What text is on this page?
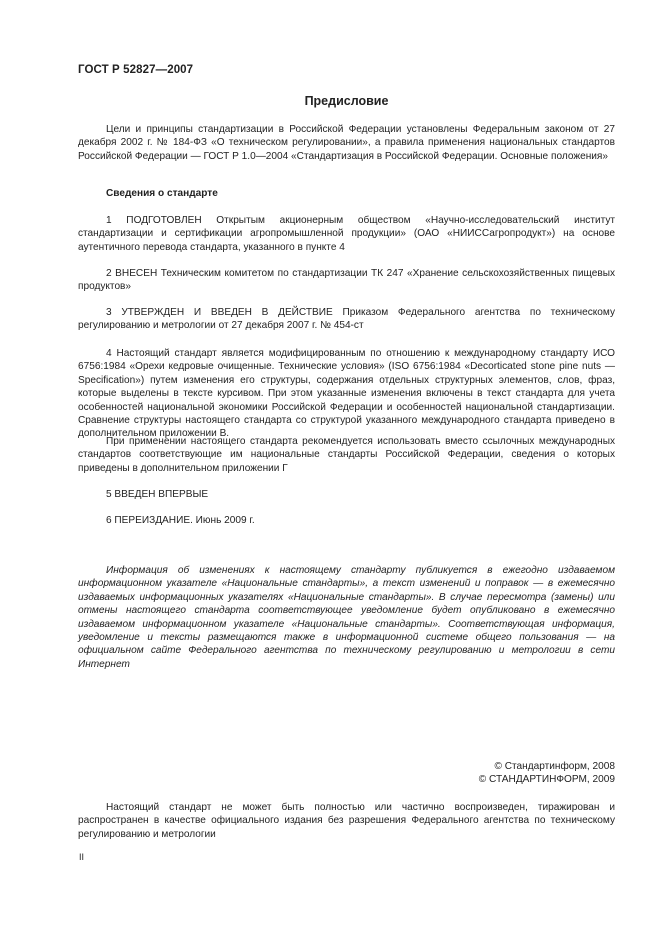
ГОСТ Р 52827—2007
Предисловие

Цели и принципы стандартизации в Российской Федерации установлены Федеральным законом от 27 декабря 2002 г. № 184-ФЗ «О техническом регулировании», а правила применения национальных стандартов Российской Федерации — ГОСТ Р 1.0—2004 «Стандартизация в Российской Федерации. Основные положения»

Сведения о стандарте

1 ПОДГОТОВЛЕН Открытым акционерным обществом «Научно-исследовательский институт стандартизации и сертификации агропромышленной продукции» (ОАО «НИИССагропродукт») на основе аутентичного перевода стандарта, указанного в пункте 4

2 ВНЕСЕН Техническим комитетом по стандартизации ТК 247 «Хранение сельскохозяйственных пищевых продуктов»

3 УТВЕРЖДЕН И ВВЕДЕН В ДЕЙСТВИЕ Приказом Федерального агентства по техническому регулированию и метрологии от 27 декабря 2007 г. № 454-ст

4 Настоящий стандарт является модифицированным по отношению к международному стандарту ИСО 6756:1984 «Орехи кедровые очищенные. Технические условия» (ISO 6756:1984 «Decorticated stone pine nuts — Specification») путем изменения его структуры, содержания отдельных структурных элементов, слов, фраз, которые выделены в тексте курсивом. При этом указанные изменения включены в текст стандарта для учета особенностей национальной экономики Российской Федерации и особенностей национальной стандартизации. Сравнение структуры настоящего стандарта со структурой указанного международного стандарта приведено в дополнительном приложении В.

При применении настоящего стандарта рекомендуется использовать вместо ссылочных международных стандартов соответствующие им национальные стандарты Российской Федерации, сведения о которых приведены в дополнительном приложении Г

5 ВВЕДЕН ВПЕРВЫЕ

6 ПЕРЕИЗДАНИЕ. Июнь 2009 г.

Информация об изменениях к настоящему стандарту публикуется в ежегодно издаваемом информационном указателе «Национальные стандарты», а текст изменений и поправок — в ежемесячно издаваемых информационных указателях «Национальные стандарты». В случае пересмотра (замены) или отмены настоящего стандарта соответствующее уведомление будет опубликовано в ежемесячно издаваемом информационном указателе «Национальные стандарты». Соответствующая информация, уведомление и тексты размещаются также в информационной системе общего пользования — на официальном сайте Федерального агентства по техническому регулированию и метрологии в сети Интернет

© Стандартинформ, 2008
© СТАНДАРТИНФОРМ, 2009

Настоящий стандарт не может быть полностью или частично воспроизведен, тиражирован и распространен в качестве официального издания без разрешения Федерального агентства по техническому регулированию и метрологии

II
